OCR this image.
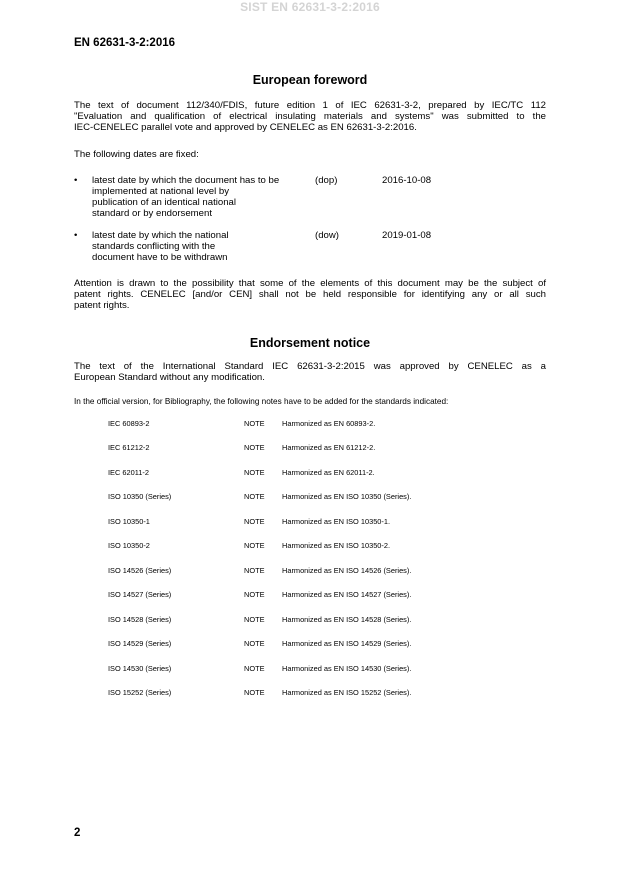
SIST EN 62631-3-2:2016
EN 62631-3-2:2016
European foreword
The text of document 112/340/FDIS, future edition 1 of IEC 62631-3-2, prepared by IEC/TC 112
"Evaluation and qualification of electrical insulating materials and systems" was submitted to the
IEC-CENELEC parallel vote and approved by CENELEC as EN 62631-3-2:2016.
The following dates are fixed:
• latest date by which the document has to be
implemented at national level by
publication of an identical national
standard or by endorsement
(dop)	2016-10-08
• latest date by which the national
standards conflicting with the
document have to be withdrawn
(dow)	2019-01-08
Attention is drawn to the possibility that some of the elements of this document may be the subject of
patent rights. CENELEC [and/or CEN] shall not be held responsible for identifying any or all such
patent rights.
Endorsement notice
The text of the International Standard IEC 62631-3-2:2015 was approved by CENELEC as a
European Standard without any modification.
In the official version, for Bibliography, the following notes have to be added for the standards indicated:
IEC 60893-2	NOTE Harmonized as EN 60893-2.
IEC 61212-2	NOTE Harmonized as EN 61212-2.
IEC 62011-2	NOTE Harmonized as EN 62011-2.
ISO 10350 (Series)	NOTE Harmonized as EN ISO 10350 (Series).
ISO 10350-1	NOTE Harmonized as EN ISO 10350-1.
ISO 10350-2	NOTE Harmonized as EN ISO 10350-2.
ISO 14526 (Series)	NOTE Harmonized as EN ISO 14526 (Series).
ISO 14527 (Series)	NOTE Harmonized as EN ISO 14527 (Series).
ISO 14528 (Series)	NOTE Harmonized as EN ISO 14528 (Series).
ISO 14529 (Series)	NOTE Harmonized as EN ISO 14529 (Series).
ISO 14530 (Series)	NOTE Harmonized as EN ISO 14530 (Series).
ISO 15252 (Series)	NOTE Harmonized as EN ISO 15252 (Series).
2
